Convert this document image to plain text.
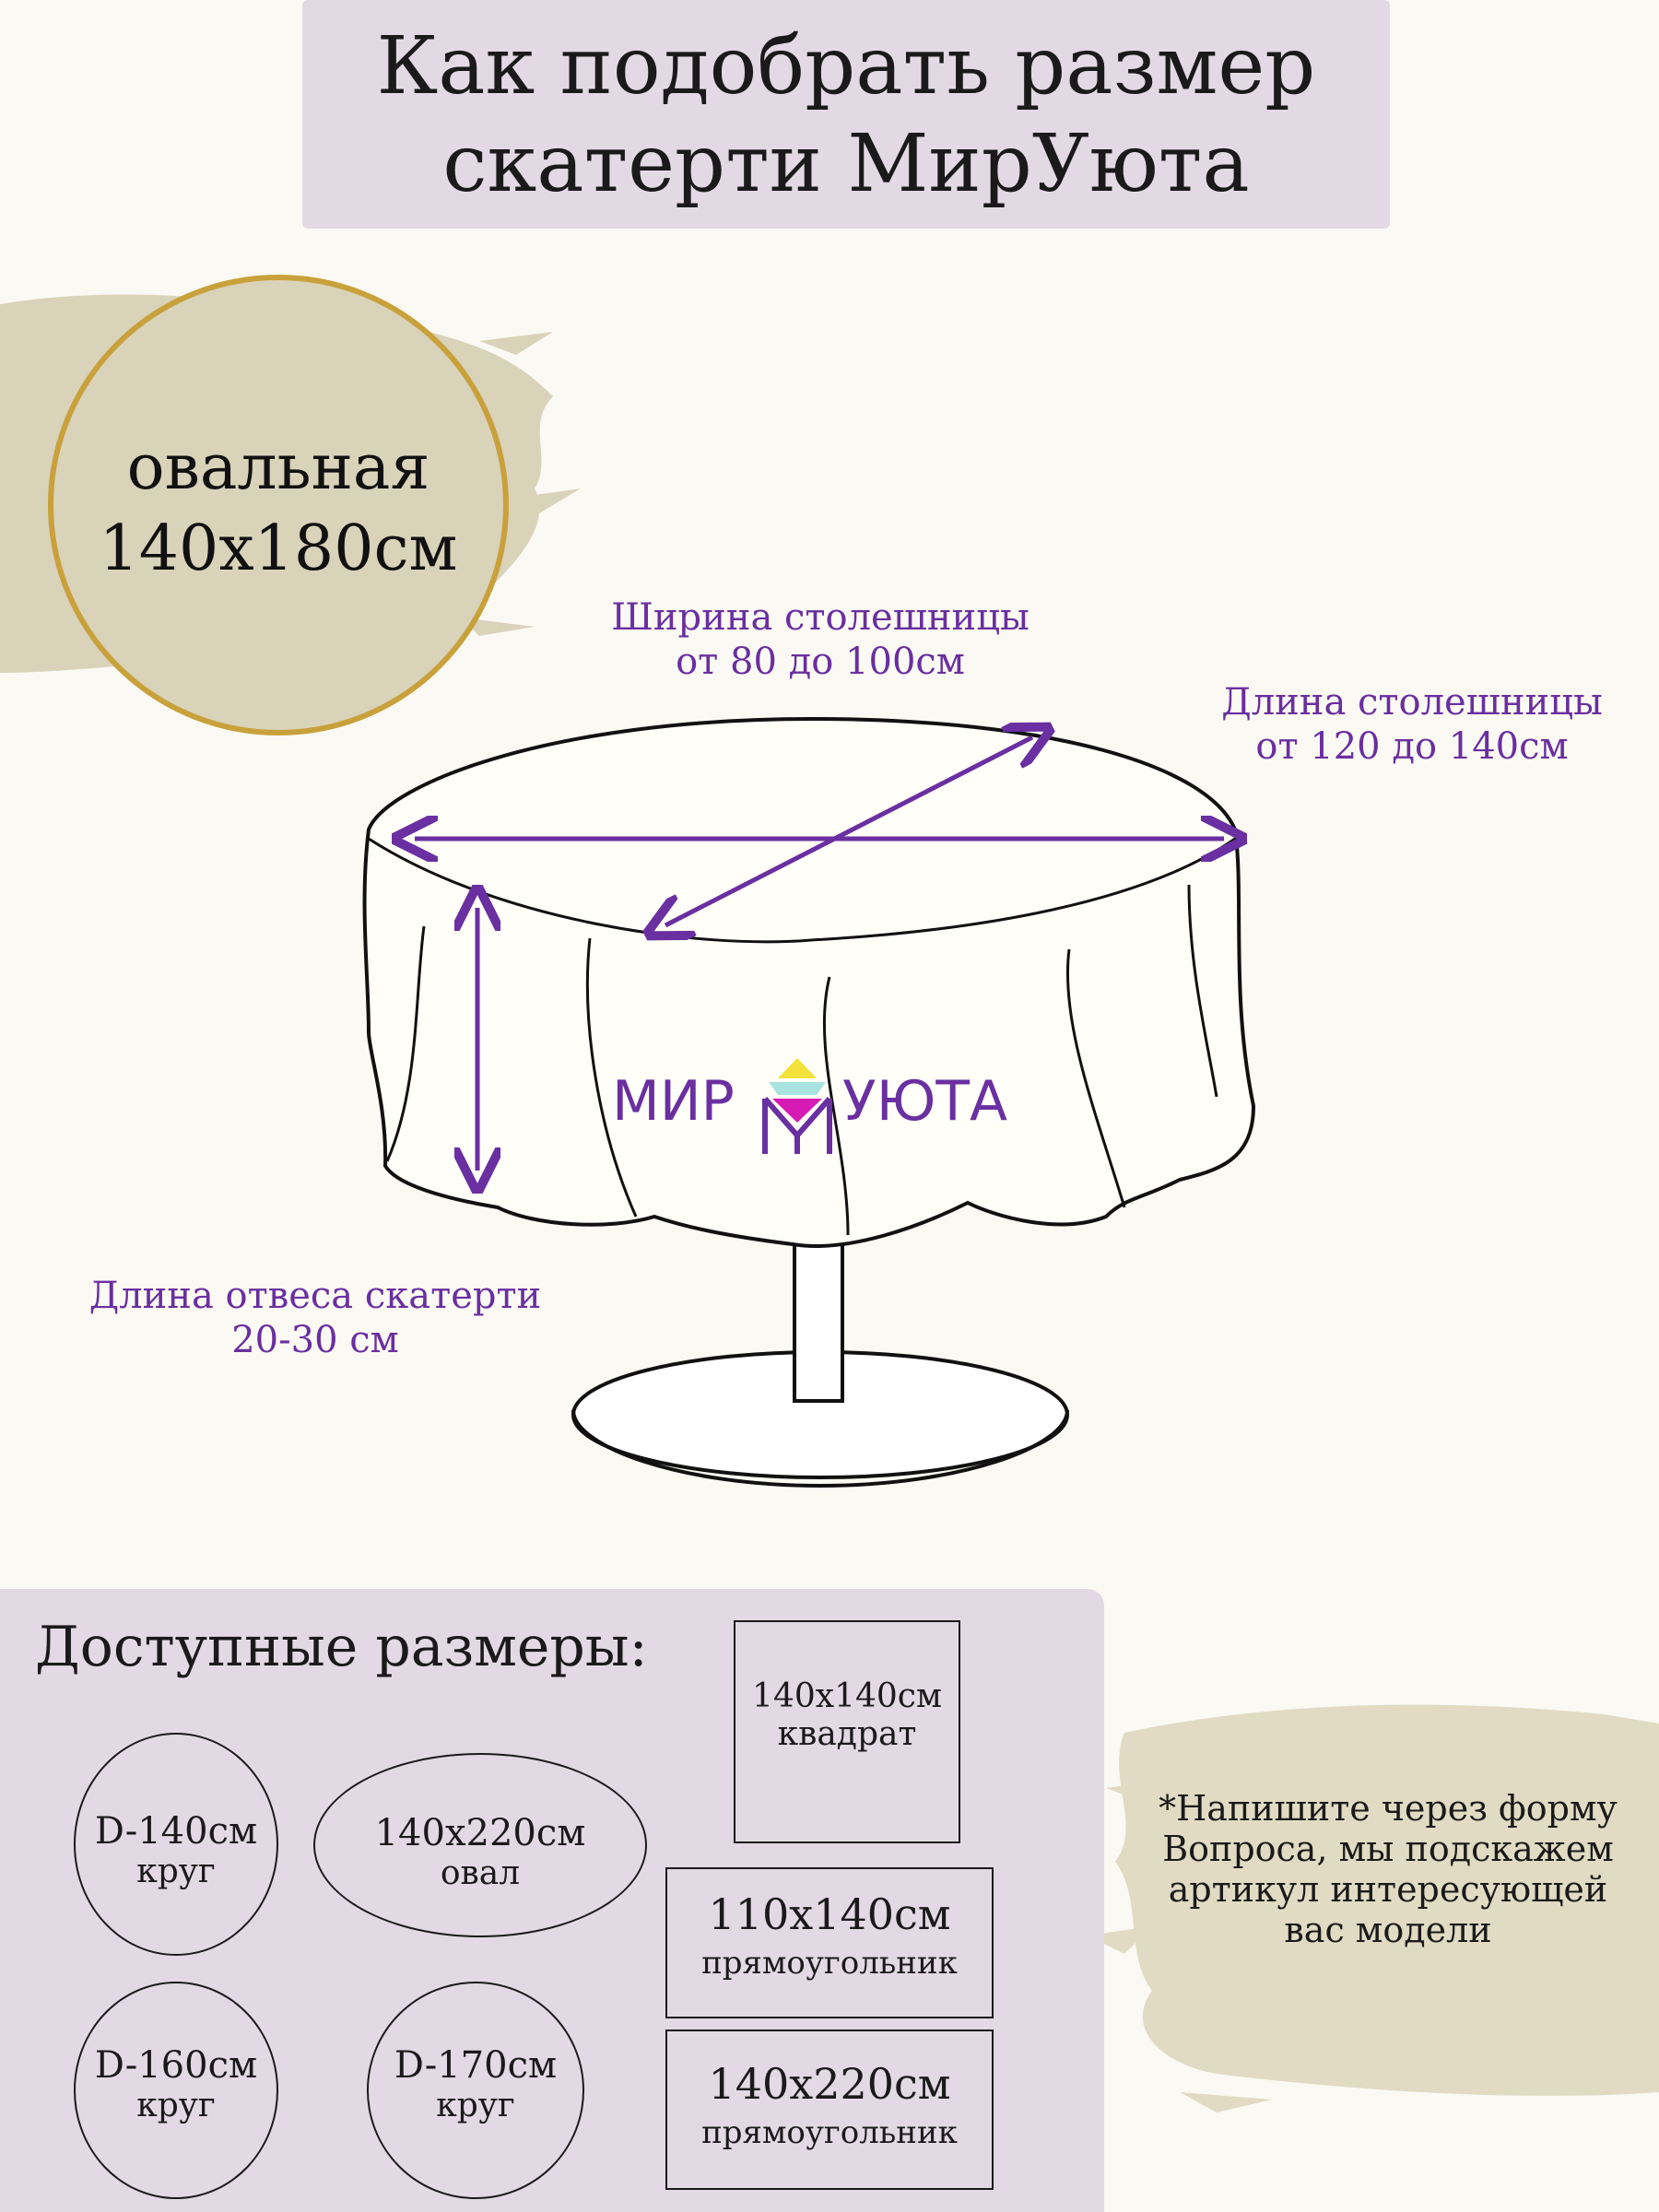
Как подобрать размер
скатерти МирУюта
овальная
140х180см
Ширина столешницы
от 80 до 100см
Длина столешницы
от 120 до 140см
Длина отвеса скатерти
20-30 см
МИР УЮТА
Доступные размеры:
D-140см
круг
140х220см
овал
D-160см
круг
D-170см
круг
140х140см
квадрат
110х140см
прямоугольник
140х220см
прямоугольник
*Напишите через форму
Вопроса, мы подскажем
артикул интересующей
вас модели
